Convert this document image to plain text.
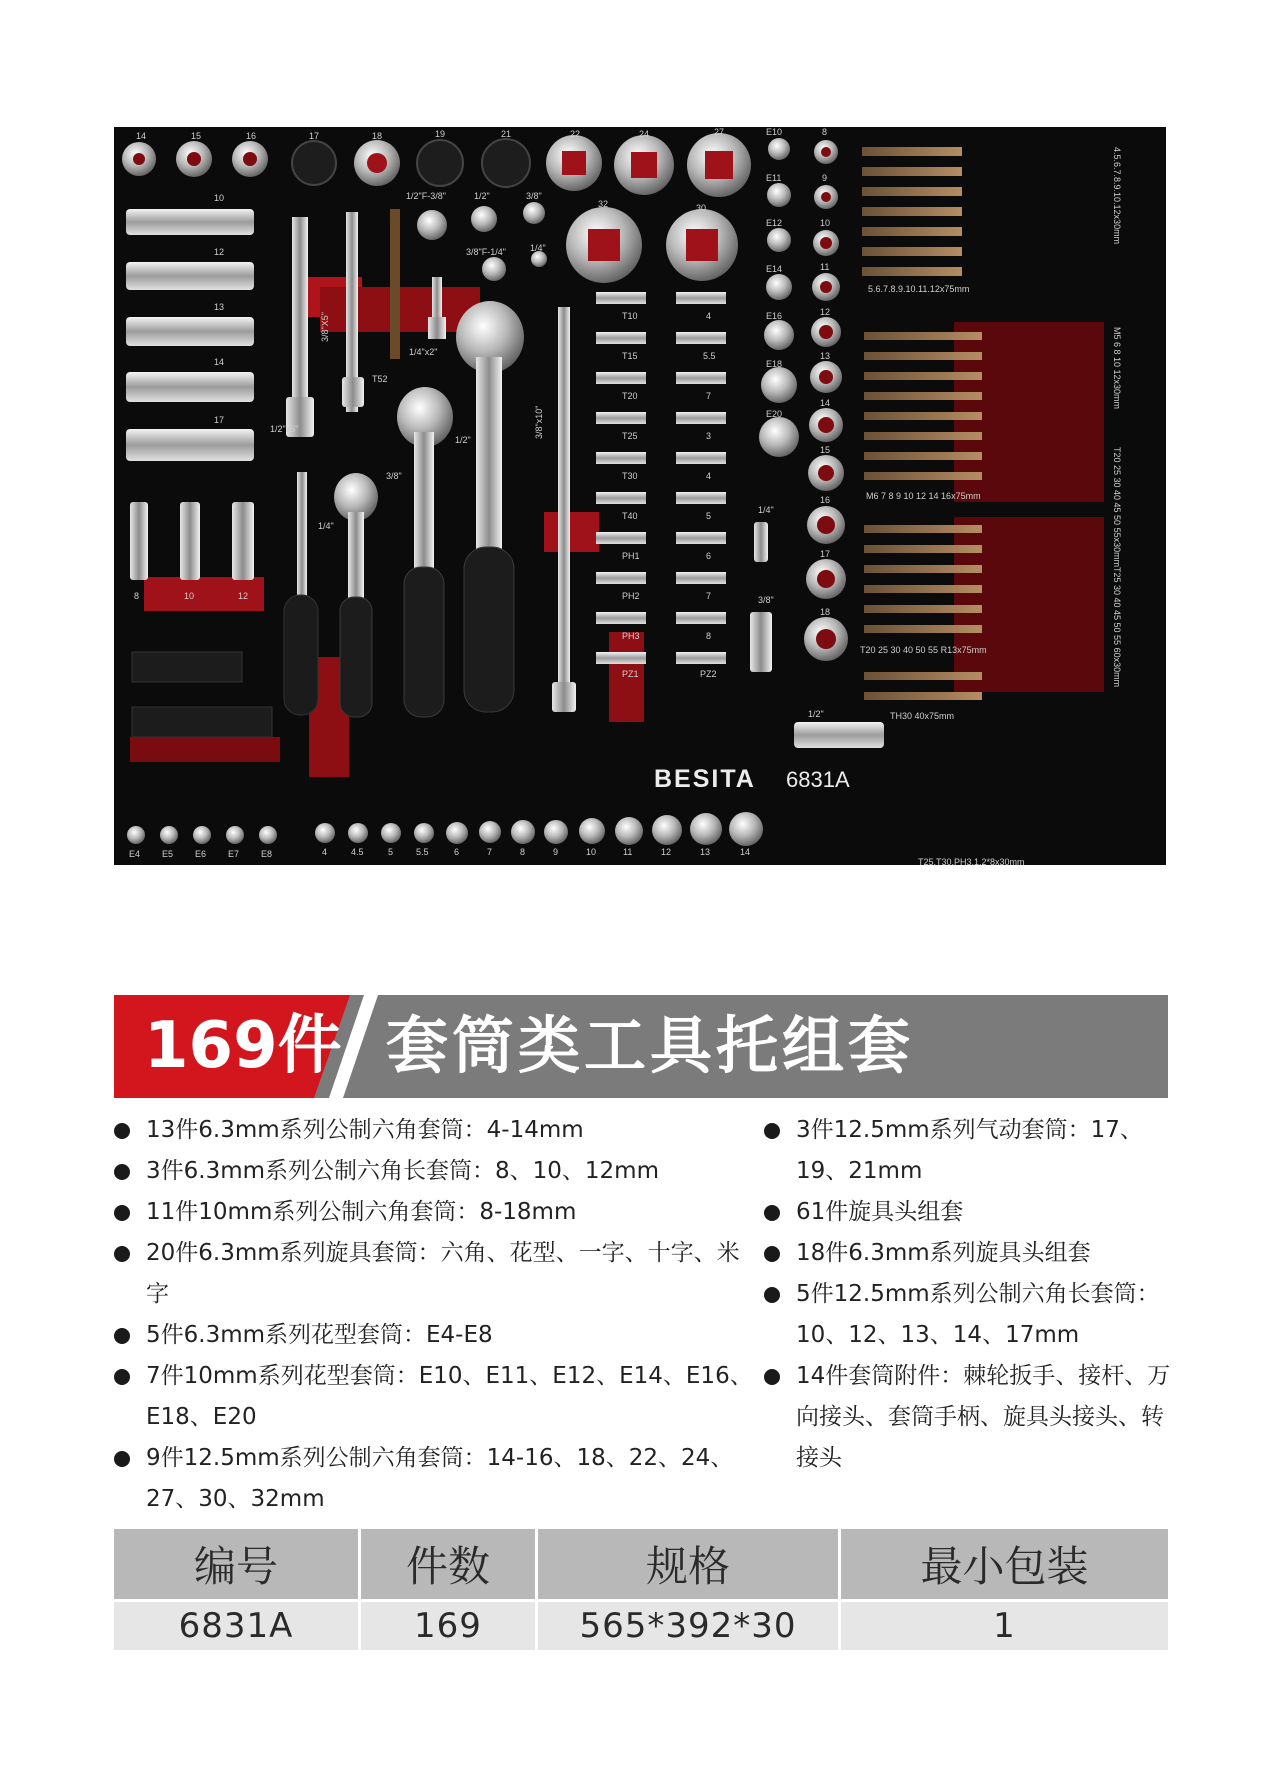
14	15	16	17	18	19	21	22	24	27
32	30
10
12
13
14
17
8	10	12
1/2"F-3/8"	1/2"	3/8"
3/8"F-1/4"	1/4"
3/8"X5"
1/4"x2"
T52
1/2"x5"	3/8"x10"
3/8"
1/2"
1/4"
T10
T15
T20
T25
T30
T40
PH1
PH2
PH3
PZ1
4
5.5
7
3
4
5
6
7
8
PZ2
E10
E11
E12
E14
E16
E18
E20
8
9
10
11
12
13
14
15
16
17
18
1/4"
3/8"
1/2"
4.5.6.7.8.9.10.12x30mm
5.6.7.8.9.10.11.12x75mm
M5 6 8 10 12x30mm
M6 7 8 9 10 12 14 16x75mm	T20 25 30 40 45 50 55x30mm
T20 25 30 40 50 55 R13x75mm
TH30 40x75mm
T25 30 40 45 50 55 60x30mm
T25.T30.PH3.1.2*8x30mm
E4 E5 E6 E7 E8	4	4.5	5	5.5	6	7	8	9	10	11	12	13	14
BESITA 6831A
169件 套筒类工具托组套
13件6.3mm系列公制六角套筒：4-14mm
3件6.3mm系列公制六角长套筒：8、10、12mm
11件10mm系列公制六角套筒：8-18mm
20件6.3mm系列旋具套筒：六角、花型、一字、十字、米字
5件6.3mm系列花型套筒：E4-E8
7件10mm系列花型套筒：E10、E11、E12、E14、E16、E18、E20
9件12.5mm系列公制六角套筒：14-16、18、22、24、27、30、32mm
3件12.5mm系列气动套筒：17、19、21mm
61件旋具头组套
18件6.3mm系列旋具头组套
5件12.5mm系列公制六角长套筒：10、12、13、14、17mm
14件套筒附件：棘轮扳手、接杆、万向接头、套筒手柄、旋具头接头、转接头
编号	件数	规格	最小包装
6831A	169	565*392*30	1
